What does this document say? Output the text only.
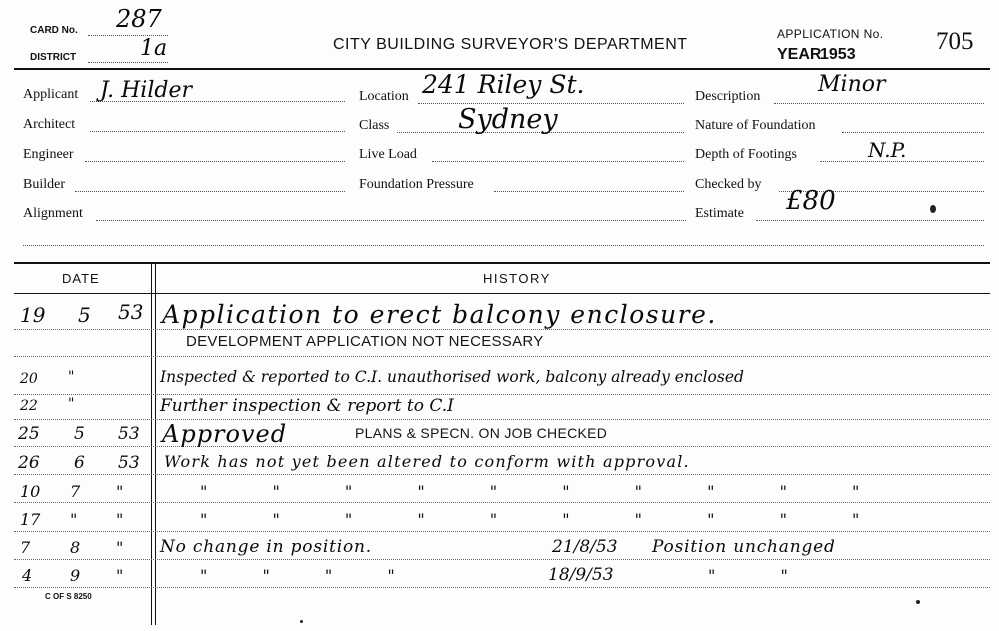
CARD No. 287
DISTRICT	1a	CITY BUILDING SURVEYOR'S DEPARTMENT
APPLICATION No. 705
YEAR
1953
Applicant J. Hilder
Architect
Engineer
Builder
Alignment
Location 241 Riley St.
Class	Sydney
Live Load
Foundation Pressure
Description	Minor
Nature of Foundation
Depth of Footings	N.P.
Checked by
Estimate £80
DATE	HISTORY
19 5 53 Application to erect balcony enclosure.
DEVELOPMENT APPLICATION NOT NECESSARY
20 "	Inspected & reported to C.I. unauthorised work, balcony already enclosed
22 "	Further inspection & report to C.I
25 5 53 Approved	PLANS & SPECN. ON JOB CHECKED
26 6 53 Work has not yet been altered to conform with approval.
10 7 "	" " " " " " " " " "
17 " "	" " " " " " " " " "
7 8 " No change in position.	21/8/53 Position unchanged
4 9 "	" " " "	18/9/53	" "
C OF S 8250
